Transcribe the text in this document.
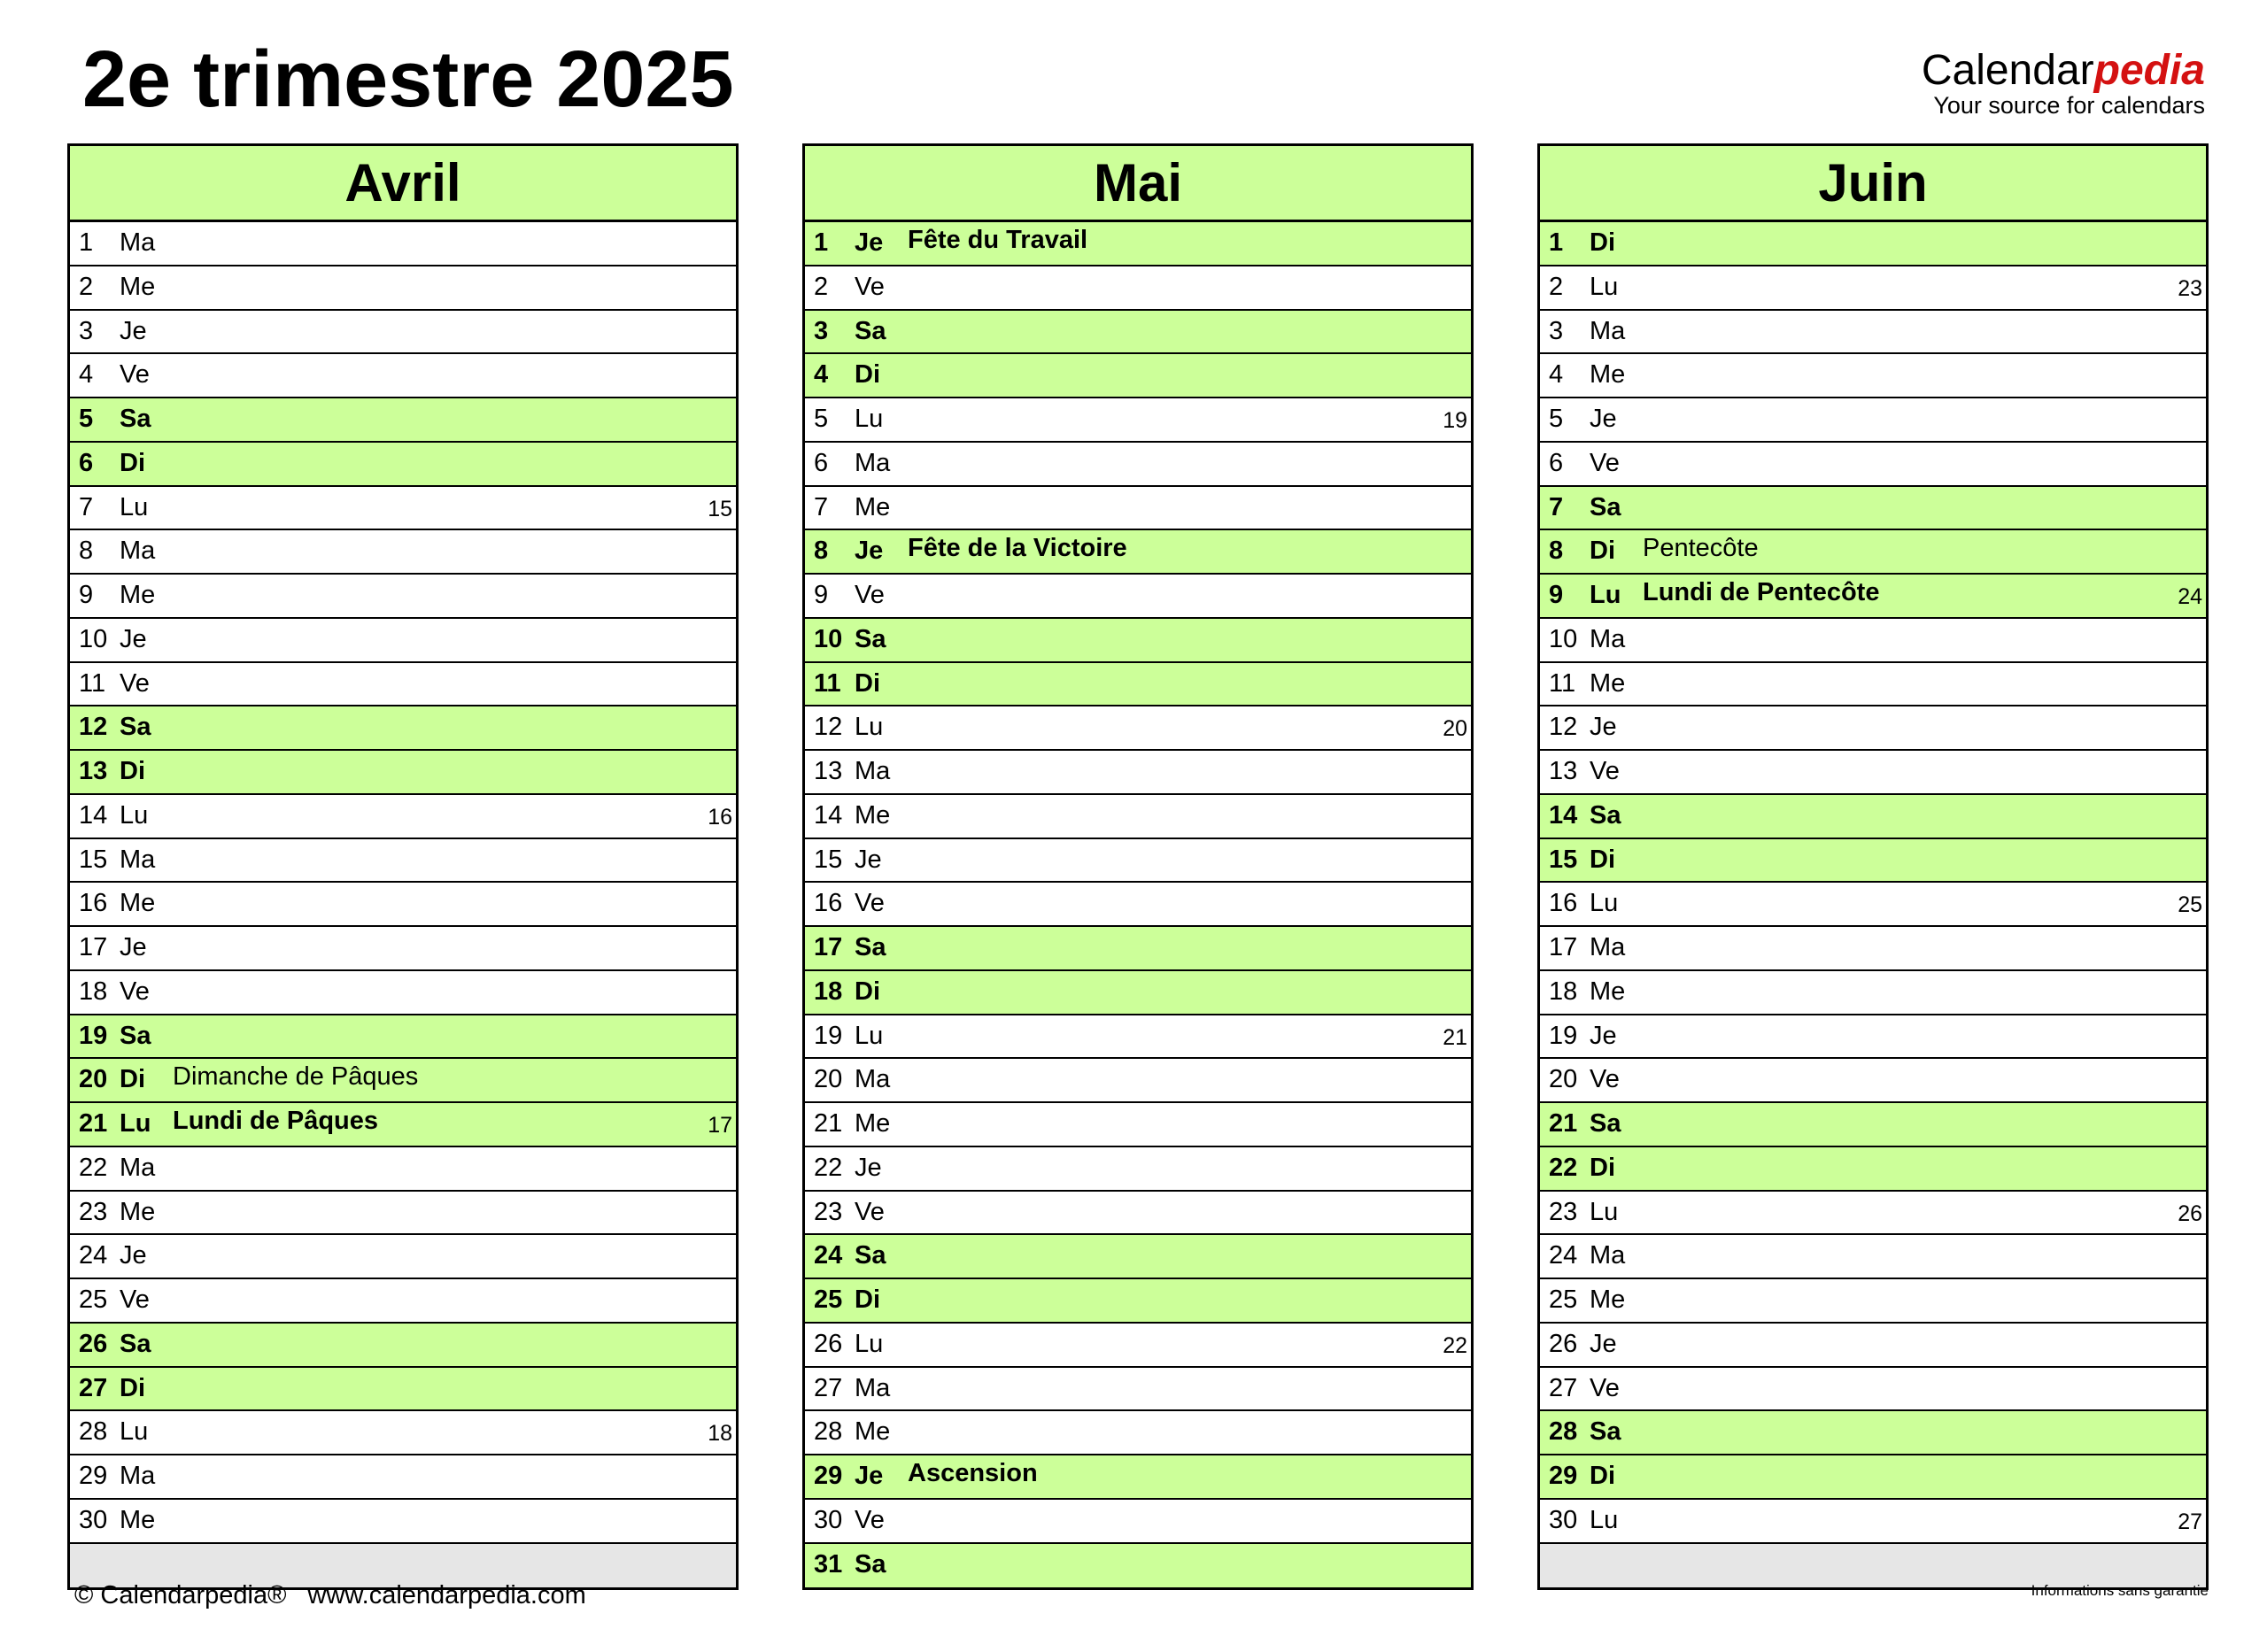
2e trimestre 2025	Calendarpedia
Your source for calendars
Avril
1 Ma
2 Me
3 Je
4 Ve
5 Sa
6 Di
7 Lu	15
8 Ma
9 Me
10 Je
11 Ve
12 Sa
13 Di
14 Lu	16
15 Ma
16 Me
17 Je
18 Ve
19 Sa
20 Di Dimanche de Pâques
21 Lu Lundi de Pâques	17
22 Ma
23 Me
24 Je
25 Ve
26 Sa
27 Di
28 Lu	18
29 Ma
30 Me
Mai
1 Je Fête du Travail
2 Ve
3 Sa
4 Di
5 Lu	19
6 Ma
7 Me
8 Je Fête de la Victoire
9 Ve
10 Sa
11 Di
12 Lu	20
13 Ma
14 Me
15 Je
16 Ve
17 Sa
18 Di
19 Lu	21
20 Ma
21 Me
22 Je
23 Ve
24 Sa
25 Di
26 Lu	22
27 Ma
28 Me
29 Je Ascension
30 Ve
31 Sa
Juin
1 Di
2 Lu	23
3 Ma
4 Me
5 Je
6 Ve
7 Sa
8 Di Pentecôte
9 Lu Lundi de Pentecôte	24
10 Ma
11 Me
12 Je
13 Ve
14 Sa
15 Di
16 Lu	25
17 Ma
18 Me
19 Je
20 Ve
21 Sa
22 Di
23 Lu	26
24 Ma
25 Me
26 Je
27 Ve
28 Sa
29 Di
30 Lu	27
© Calendarpedia® www.calendarpedia.com	Informations sans garantie
